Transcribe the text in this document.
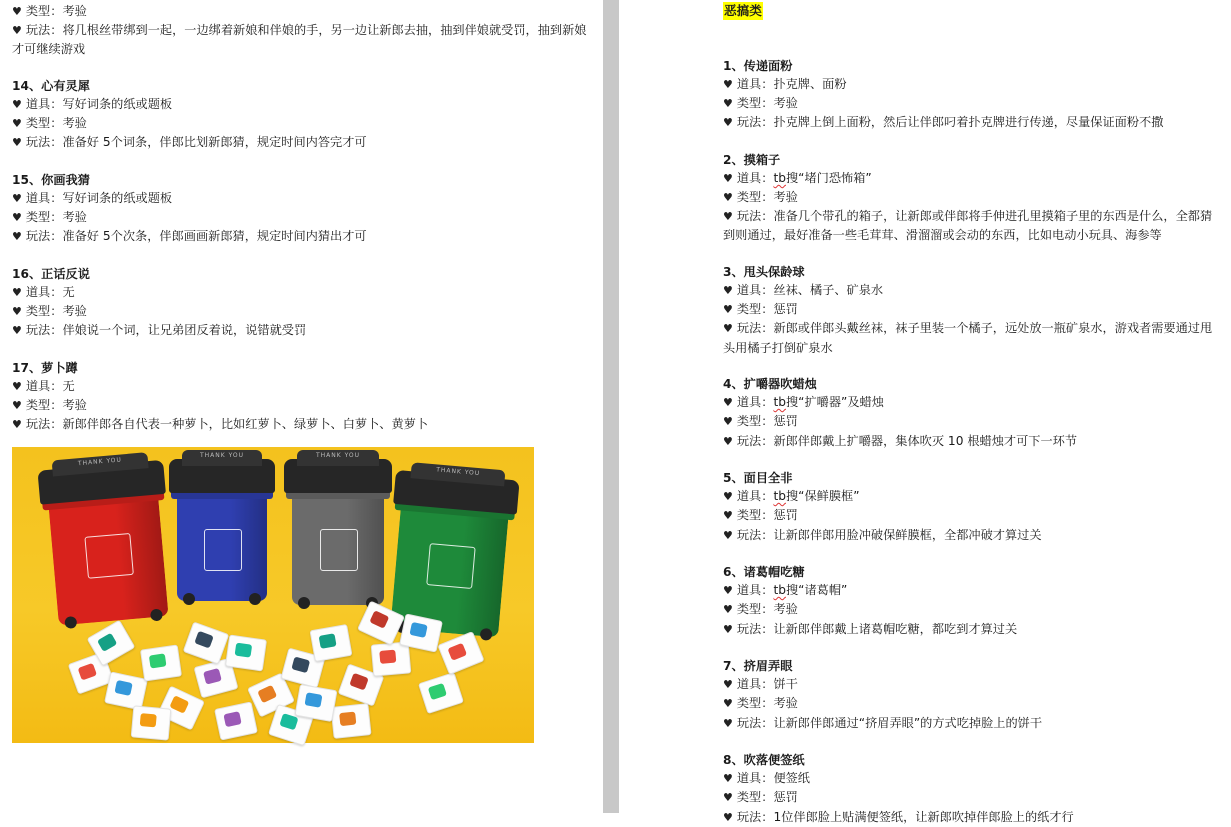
♥ 类型：考验
♥ 玩法：将几根丝带绑到一起，一边绑着新娘和伴娘的手，另一边让新郎去抽，抽到伴娘就受罚，抽到新娘才可继续游戏
14、心有灵犀
♥ 道具：写好词条的纸或题板
♥ 类型：考验
♥ 玩法：准备好 5个词条，伴郎比划新郎猜，规定时间内答完才可
15、你画我猜
♥ 道具：写好词条的纸或题板
♥ 类型：考验
♥ 玩法：准备好 5个次条，伴郎画画新郎猜，规定时间内猜出才可
16、正话反说
♥ 道具：无
♥ 类型：考验
♥ 玩法：伴娘说一个词，让兄弟团反着说，说错就受罚
17、萝卜蹲
♥ 道具：无
♥ 类型：考验
♥ 玩法：新郎伴郎各自代表一种萝卜，比如红萝卜、绿萝卜、白萝卜、黄萝卜
THANK YOU
THANK YOU	THANK YOU
THANK YOU
恶搞类
1、传递面粉
♥ 道具：扑克牌、面粉
♥ 类型：考验
♥ 玩法：扑克牌上倒上面粉，然后让伴郎叼着扑克牌进行传递，尽量保证面粉不撒
2、摸箱子
♥ 道具：tb搜“堵门恐怖箱”
♥ 类型：考验
♥ 玩法：准备几个带孔的箱子，让新郎或伴郎将手伸进孔里摸箱子里的东西是什么，全都猜到则通过，最好准备一些毛茸茸、滑溜溜或会动的东西，比如电动小玩具、海参等
3、甩头保龄球
♥ 道具：丝袜、橘子、矿泉水
♥ 类型：惩罚
♥ 玩法：新郎或伴郎头戴丝袜，袜子里装一个橘子，远处放一瓶矿泉水，游戏者需要通过甩头用橘子打倒矿泉水
4、扩嚼器吹蜡烛
♥ 道具：tb搜“扩嚼器”及蜡烛
♥ 类型：惩罚
♥ 玩法：新郎伴郎戴上扩嚼器，集体吹灭 10 根蜡烛才可下一环节
5、面目全非
♥ 道具：tb搜“保鲜膜框”
♥ 类型：惩罚
♥ 玩法：让新郎伴郎用脸冲破保鲜膜框，全都冲破才算过关
6、诸葛帽吃糖
♥ 道具：tb搜“诸葛帽”
♥ 类型：考验
♥ 玩法：让新郎伴郎戴上诸葛帽吃糖，都吃到才算过关
7、挤眉弄眼
♥ 道具：饼干
♥ 类型：考验
♥ 玩法：让新郎伴郎通过“挤眉弄眼”的方式吃掉脸上的饼干
8、吹落便签纸
♥ 道具：便签纸
♥ 类型：惩罚
♥ 玩法：1位伴郎脸上贴满便签纸，让新郎吹掉伴郎脸上的纸才行
